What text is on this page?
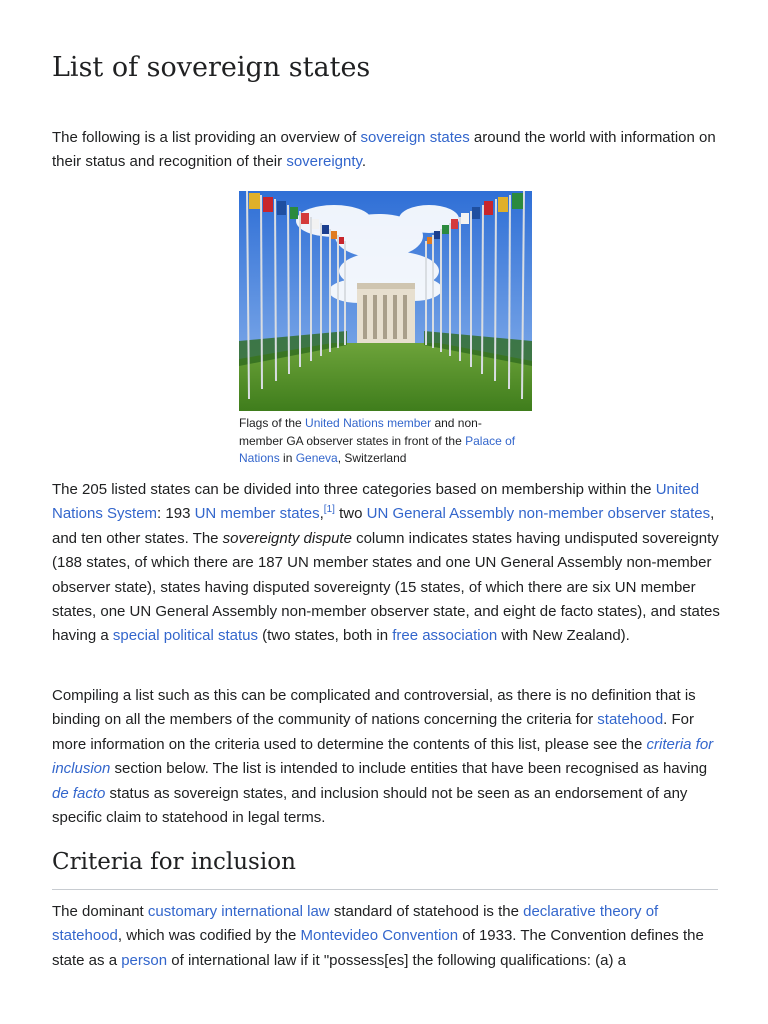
List of sovereign states

The following is a list providing an overview of sovereign states around the world with information on their status and recognition of their sovereignty.

Flags of the United Nations member and non-member GA observer states in front of the Palace of Nations in Geneva, Switzerland

The 205 listed states can be divided into three categories based on membership within the United Nations System: 193 UN member states,[1] two UN General Assembly non-member observer states, and ten other states. The sovereignty dispute column indicates states having undisputed sovereignty (188 states, of which there are 187 UN member states and one UN General Assembly non-member observer state), states having disputed sovereignty (15 states, of which there are six UN member states, one UN General Assembly non-member observer state, and eight de facto states), and states having a special political status (two states, both in free association with New Zealand).

Compiling a list such as this can be complicated and controversial, as there is no definition that is binding on all the members of the community of nations concerning the criteria for statehood. For more information on the criteria used to determine the contents of this list, please see the criteria for inclusion section below. The list is intended to include entities that have been recognised as having de facto status as sovereign states, and inclusion should not be seen as an endorsement of any specific claim to statehood in legal terms.

Criteria for inclusion

The dominant customary international law standard of statehood is the declarative theory of statehood, which was codified by the Montevideo Convention of 1933. The Convention defines the state as a person of international law if it "possess[es] the following qualifications: (a) a
